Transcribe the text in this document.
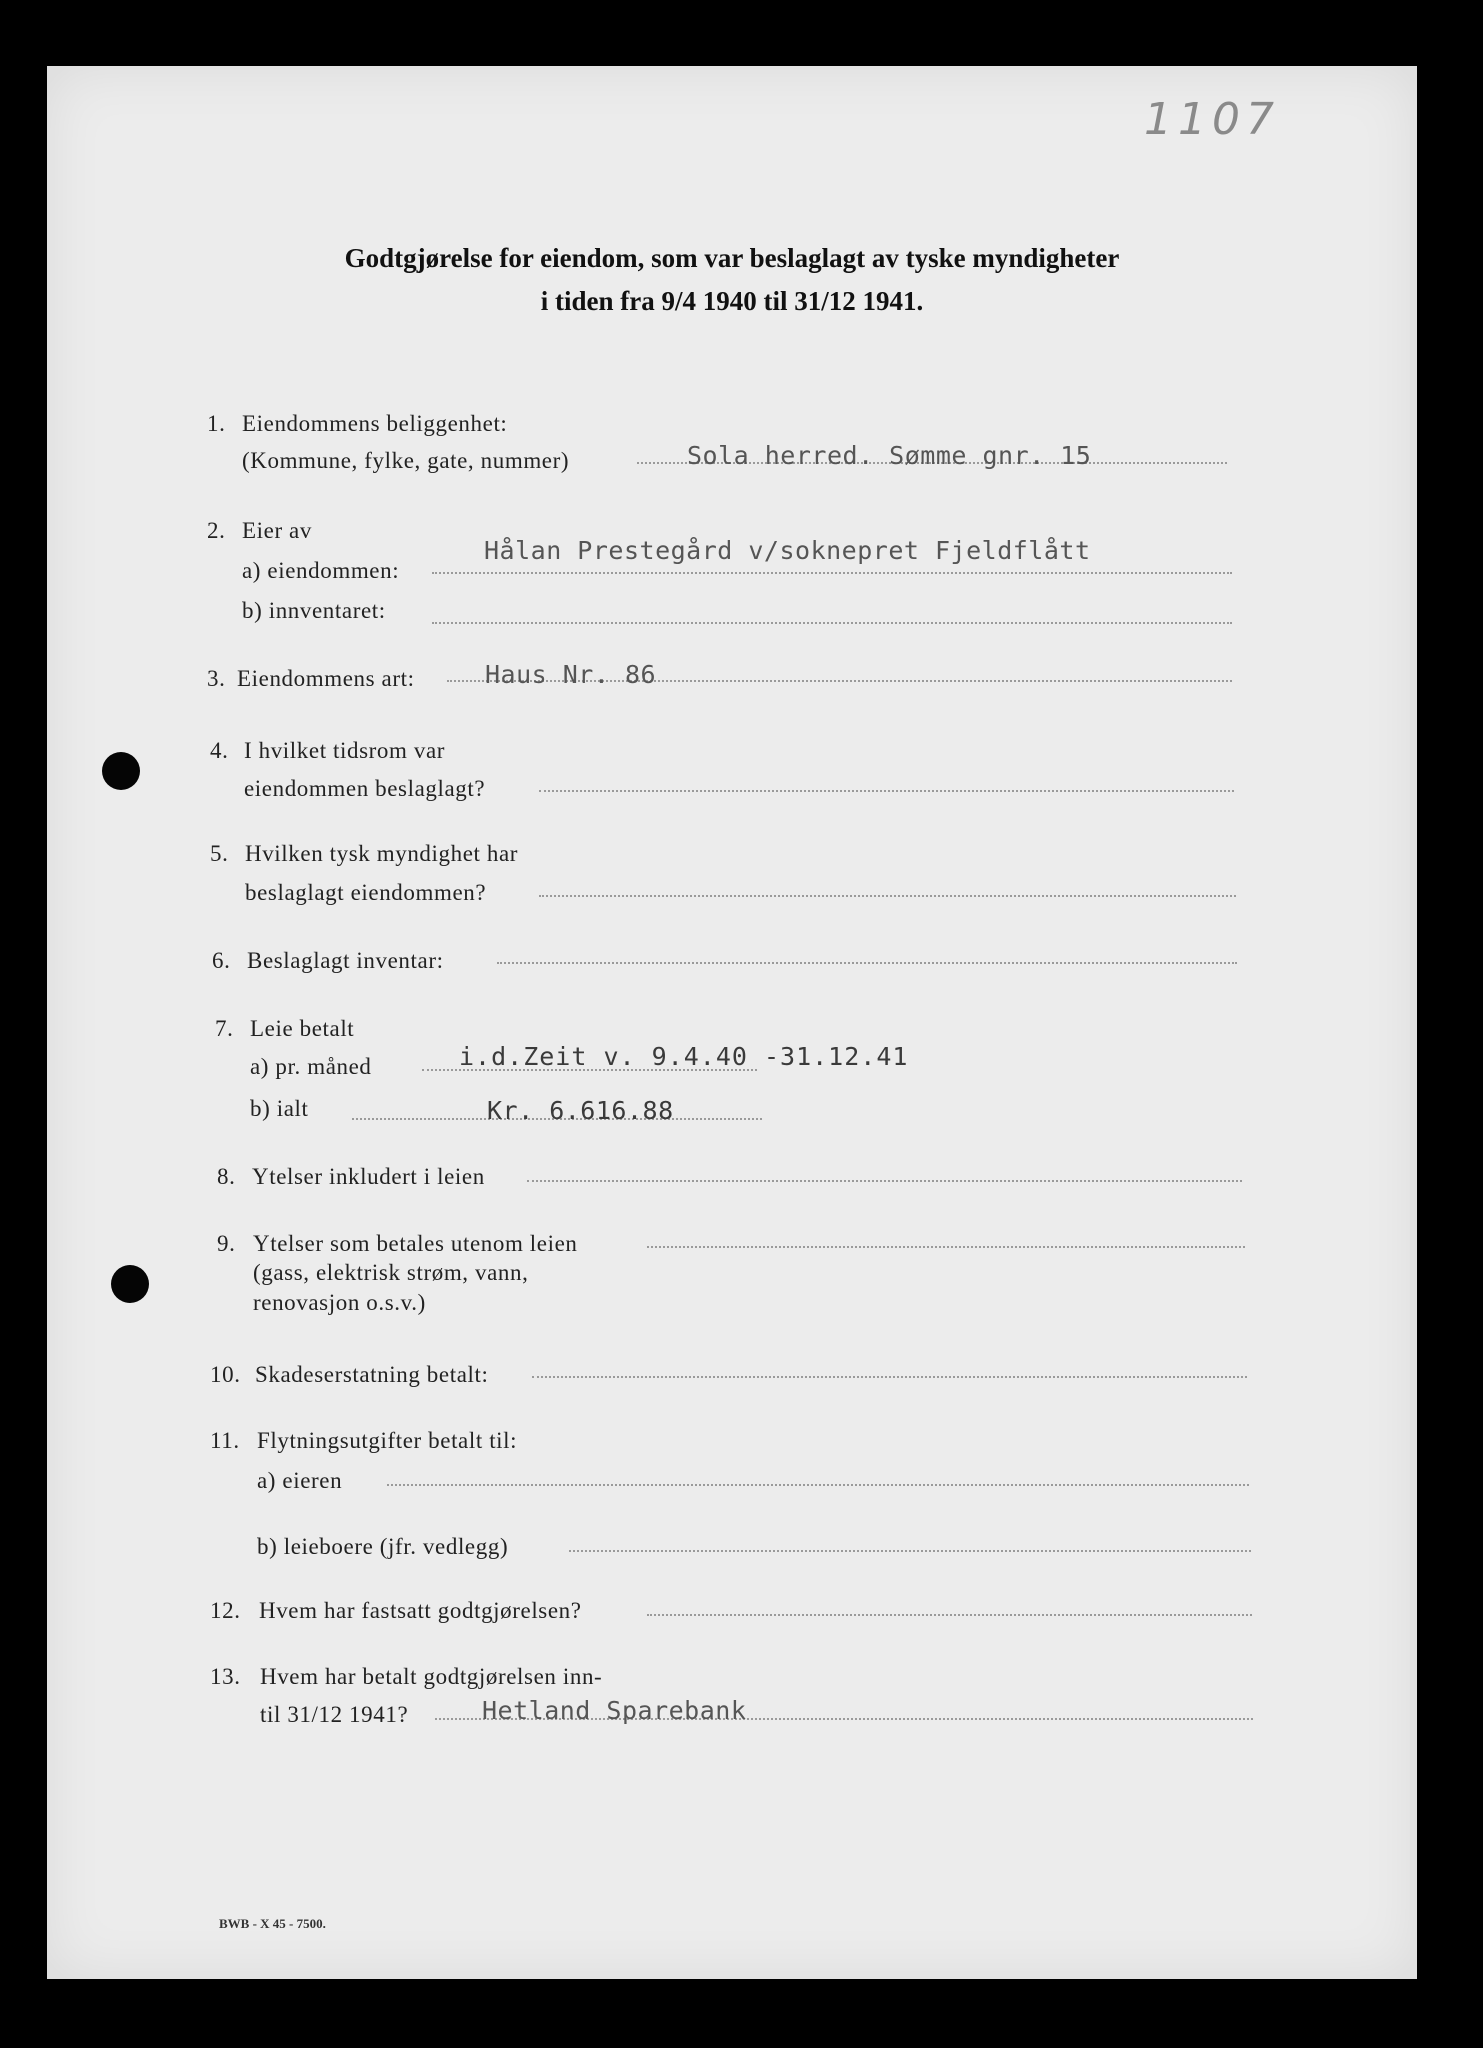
1107
Godtgjørelse for eiendom, som var beslaglagt av tyske myndigheter
i tiden fra 9/4 1940 til 31/12 1941.
1. Eiendommens beliggenhet:
(Kommune, fylke, gate, nummer)	Sola herred. Sømme gnr. 15
2. Eier av
a) eiendommen:
Hålan Prestegård v/soknepret Fjeldflått
b) innventaret:
3. Eiendommens art:	Haus Nr. 86
4. I hvilket tidsrom var
eiendommen beslaglagt?
5. Hvilken tysk myndighet har
beslaglagt eiendommen?
6. Beslaglagt inventar:
7. Leie betalt
a) pr. måned	i.d.Zeit v. 9.4.40 -31.12.41
b) ialt	Kr. 6.616.88
8. Ytelser inkludert i leien
9. Ytelser som betales utenom leien
(gass, elektrisk strøm, vann,
renovasjon o.s.v.)
10. Skadeserstatning betalt:
11. Flytningsutgifter betalt til:
a) eieren
b) leieboere (jfr. vedlegg)
12. Hvem har fastsatt godtgjørelsen?
13. Hvem har betalt godtgjørelsen inn-
til 31/12 1941?	Hetland Sparebank
BWB - X 45 - 7500.
